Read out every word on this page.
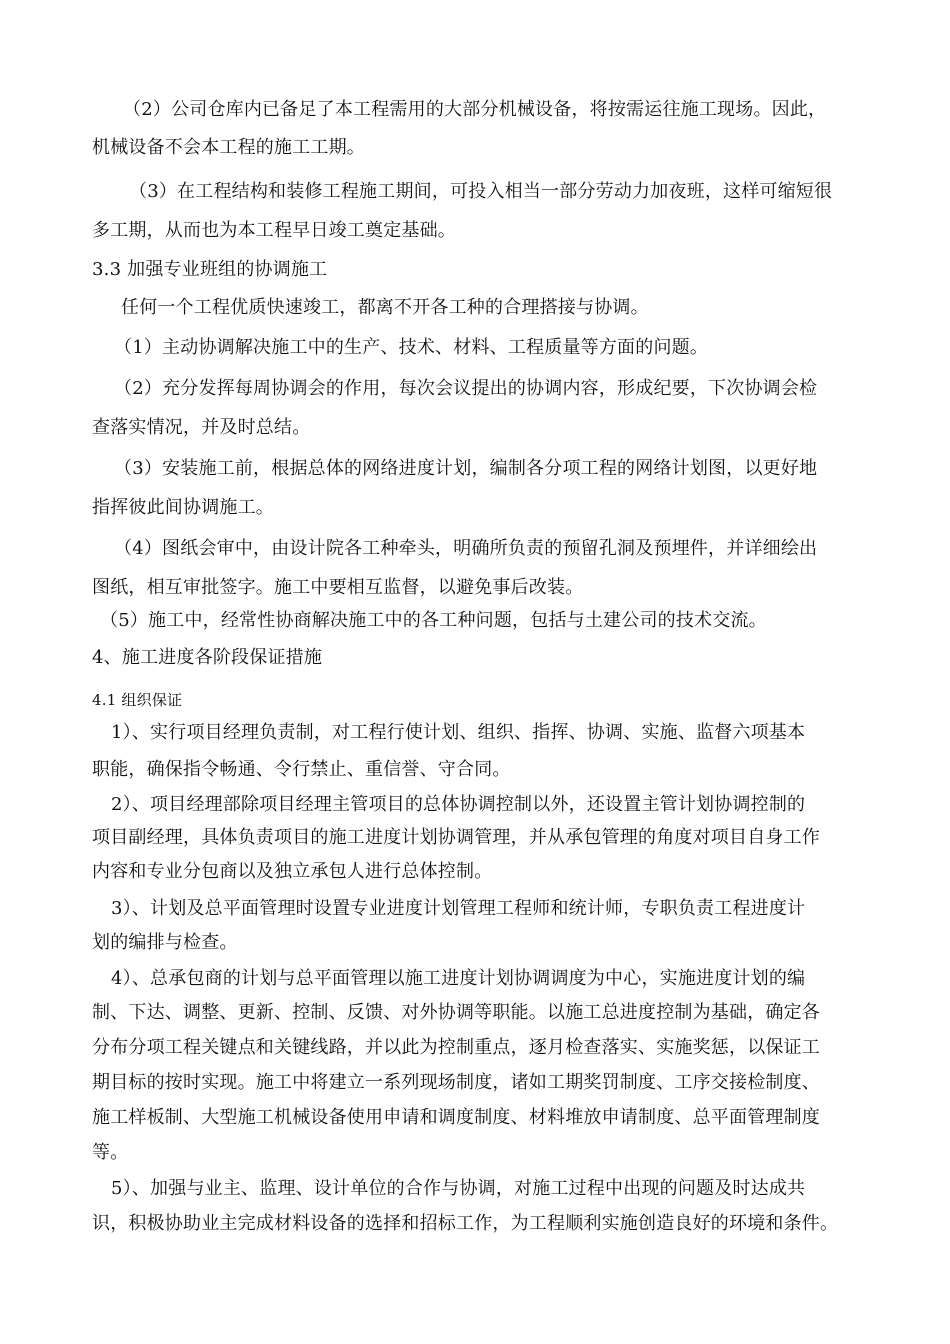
（2）公司仓库内已备足了本工程需用的大部分机械设备，将按需运往施工现场。因此，
机械设备不会本工程的施工工期。
（3）在工程结构和装修工程施工期间，可投入相当一部分劳动力加夜班，这样可缩短很
多工期，从而也为本工程早日竣工奠定基础。
3.3 加强专业班组的协调施工
任何一个工程优质快速竣工，都离不开各工种的合理搭接与协调。
（1）主动协调解决施工中的生产、技术、材料、工程质量等方面的问题。
（2）充分发挥每周协调会的作用，每次会议提出的协调内容，形成纪要，下次协调会检
查落实情况，并及时总结。
（3）安装施工前，根据总体的网络进度计划，编制各分项工程的网络计划图，以更好地
指挥彼此间协调施工。
（4）图纸会审中，由设计院各工种牵头，明确所负责的预留孔洞及预埋件，并详细绘出
图纸，相互审批签字。施工中要相互监督，以避免事后改装。
（5）施工中，经常性协商解决施工中的各工种问题，包括与土建公司的技术交流。
4、施工进度各阶段保证措施
4.1 组织保证
1）、实行项目经理负责制，对工程行使计划、组织、指挥、协调、实施、监督六项基本
职能，确保指令畅通、令行禁止、重信誉、守合同。
2）、项目经理部除项目经理主管项目的总体协调控制以外，还设置主管计划协调控制的
项目副经理，具体负责项目的施工进度计划协调管理，并从承包管理的角度对项目自身工作
内容和专业分包商以及独立承包人进行总体控制。
3）、计划及总平面管理时设置专业进度计划管理工程师和统计师，专职负责工程进度计
划的编排与检查。
4）、总承包商的计划与总平面管理以施工进度计划协调调度为中心，实施进度计划的编
制、下达、调整、更新、控制、反馈、对外协调等职能。以施工总进度控制为基础，确定各
分布分项工程关键点和关键线路，并以此为控制重点，逐月检查落实、实施奖惩，以保证工
期目标的按时实现。施工中将建立一系列现场制度，诸如工期奖罚制度、工序交接检制度、
施工样板制、大型施工机械设备使用申请和调度制度、材料堆放申请制度、总平面管理制度
等。
5）、加强与业主、监理、设计单位的合作与协调，对施工过程中出现的问题及时达成共
识，积极协助业主完成材料设备的选择和招标工作，为工程顺利实施创造良好的环境和条件。
